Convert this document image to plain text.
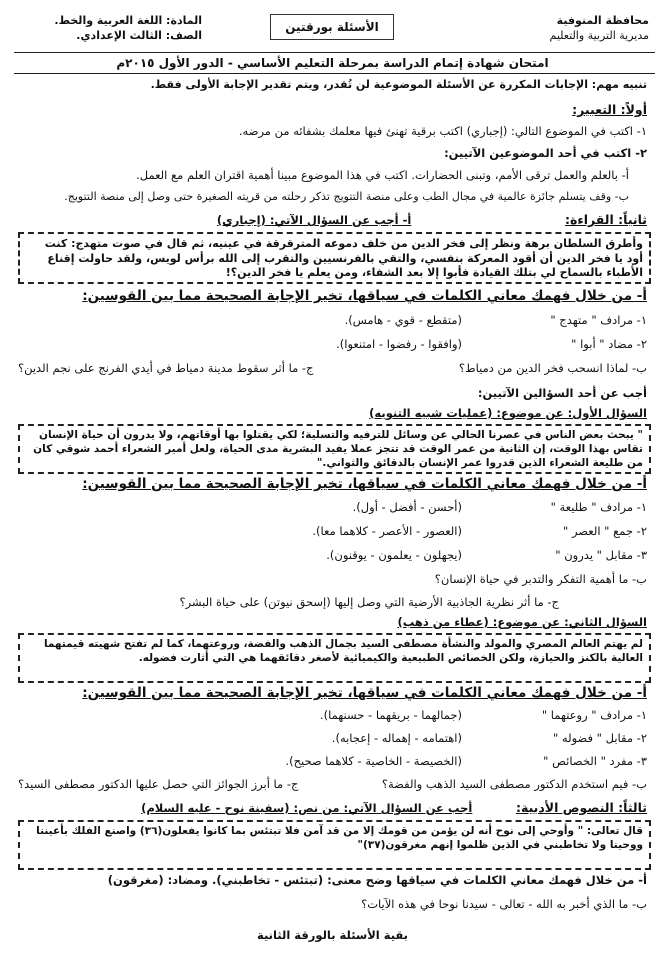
محافظة المنوفية
مديرية التربية والتعليم
الأسئلة بورقتين
المادة: اللغة العربية والخط.
الصف: الثالث الإعدادي.
امتحان شهادة إتمام الدراسة بمرحلة التعليم الأساسي - الدور الأول ٢٠١٥م
تنبيه مهم: الإجابات المكررة عن الأسئلة الموضوعية لن تُقدر، ويتم تقدير الإجابة الأولى فقط.
أولاً: التعبير:
١- اكتب في الموضوع التالي: (إجباري) اكتب برقية تهنئ فيها معلمك بشفائه من مرضه.
٢- اكتب في أحد الموضوعين الآتيين:
أ- بالعلم والعمل ترقى الأمم، وتبنى الحضارات. اكتب في هذا الموضوع مبينا أهمية اقتران العلم مع العمل.
ب- وقف يتسلم جائزة عالمية في مجال الطب وعلى منصة التتويج تذكر رحلته من قريته الصغيرة حتى وصل إلى منصة التتويج.
ثانياً: القراءة: أ- أجب عن السؤال الآتي: (إجباري)
وأطرق السلطان برهة ونظر إلى فخر الدين من خلف دموعه المترقرقة في عينيه، ثم قال في صوت متهدج: كنت أود يا فخر الدين أن أقود المعركة بنفسي، والتقي بالفرنسيين والتقرب إلى الله برأس لويس، ولقد حاولت إقناع الأطباء بالسماح لي بتلك القيادة فأبوا إلا بعد الشفاء، ومن يعلم يا فخر الدين؟!
أ- من خلال فهمك معاني الكلمات في سياقها، تخير الإجابة الصحيحة مما بين القوسين:
١- مرادف " متهدج "
(متقطع - قوي - هامس).
٢- مضاد " أبوا "
(وافقوا - رفضوا - امتنعوا).
ب- لماذا انسحب فخر الدين من دمياط؟
ج- ما أثر سقوط مدينة دمياط في أيدي الفرنج على نجم الدين؟
أجب عن أحد السؤالين الآتيين:
السؤال الأول: عن موضوع: (عمليات شبيه التنويه)
" يبحث بعض الناس في عصرنا الحالي عن وسائل للترفيه والتسلية؛ لكي يقتلوا بها أوقاتهم، ولا يدرون أن حياة الإنسان تقاس بهذا الوقت، إن الثانية من عمر الوقت قد تتجز عملا يفيد البشرية مدى الحياة، ولعل أمير الشعراء أحمد شوقي كان من طليعة الشعراء الذين قدروا عمر الإنسان بالدقائق والثواني."
أ- من خلال فهمك معاني الكلمات في سياقها، تخير الإجابة الصحيحة مما بين القوسين:
١- مرادف " طليعة "
(أحسن - أفضل - أول).
٢- جمع " العصر "
(العصور - الأعصر - كلاهما معا).
٣- مقابل " يدرون "
(يجهلون - يعلمون - يوقنون).
ب- ما أهمية التفكر والتدبر في حياة الإنسان؟
ج- ما أثر نظرية الجاذبية الأرضية التي وصل إليها (إسحق نيوتن) على حياة البشر؟
السؤال الثاني: عن موضوع: (عطاء من ذهب)
لم يهتم العالم المصري والمولد والنشأة مصطفى السيد بجمال الذهب والفضة، وروعتهما، كما لم تفتح شهيته قيمتهما العالية بالكنز والحيازة، ولكن الخصائص الطبيعية والكيميائية لأصغر دقائقهما هي التي أثارت فضوله.
أ- من خلال فهمك معاني الكلمات في سياقها، تخير الإجابة الصحيحة مما بين القوسين:
١- مرادف " روعتهما "
(جمالهما - بريقهما - حسنهما).
٢- مقابل " فضوله "
(اهتمامه - إهماله - إعجابه).
٣- مفرد " الخصائص "
(الخصيصة - الخاصية - كلاهما صحيح).
ب- فيم استخدم الدكتور مصطفى السيد الذهب والفضة؟
ج- ما أبرز الجوائز التي حصل عليها الدكتور مصطفى السيد؟
ثالثاً: النصوص الأدبية: أجب عن السؤال الآتي: من نص: (سفينة نوح - عليه السلام)
قال تعالى: " وأوحي إلى نوح أنه لن يؤمن من قومك إلا من قد آمن فلا تبتئس بما كانوا يفعلون(٣٦) واصنع الفلك بأعيننا ووحينا ولا تخاطبني في الذين ظلموا إنهم مغرقون(٣٧)"
أ- من خلال فهمك معاني الكلمات في سياقها وضح معنى: (تبتئس - تخاطبني). ومضاد: (مغرقون)
ب- ما الذي أخبر به الله - تعالى - سيدنا نوحا في هذه الآيات؟
بقية الأسئلة بالورقة الثانية
